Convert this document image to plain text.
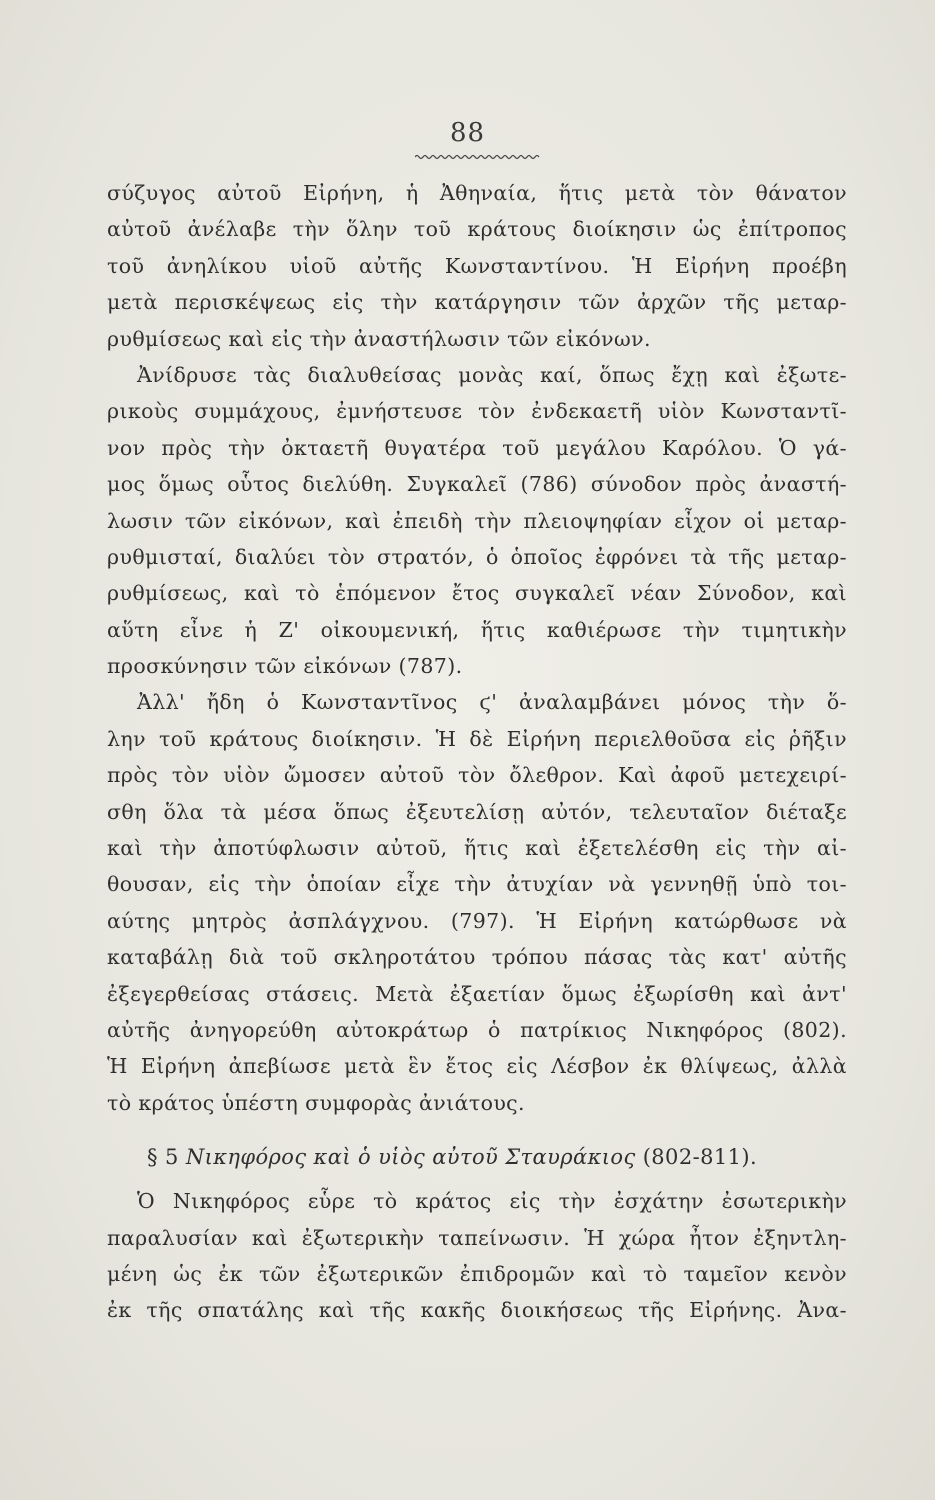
88
σύζυγος αὐτοῦ Εἰρήνη, ἡ Ἀθηναία, ἥτις μετὰ τὸν θάνατον
αὐτοῦ ἀνέλαβε τὴν ὅλην τοῦ κράτους διοίκησιν ὡς ἐπίτροπος
τοῦ ἀνηλίκου υἱοῦ αὐτῆς Κωνσταντίνου. Ἡ Εἰρήνη προέβη
μετὰ περισκέψεως εἰς τὴν κατάργησιν τῶν ἀρχῶν τῆς μεταρ-
ρυθμίσεως καὶ εἰς τὴν ἀναστήλωσιν τῶν εἰκόνων.
Ἀνίδρυσε τὰς διαλυθείσας μονὰς καί, ὅπως ἔχῃ καὶ ἐξωτε-
ρικοὺς συμμάχους, ἐμνήστευσε τὸν ἐνδεκαετῆ υἱὸν Κωνσταντῖ-
νον πρὸς τὴν ὀκταετῆ θυγατέρα τοῦ μεγάλου Καρόλου. Ὁ γά-
μος ὅμως οὗτος διελύθη. Συγκαλεῖ (786) σύνοδον πρὸς ἀναστή-
λωσιν τῶν εἰκόνων, καὶ ἐπειδὴ τὴν πλειοψηφίαν εἶχον οἱ μεταρ-
ρυθμισταί, διαλύει τὸν στρατόν, ὁ ὁποῖος ἐφρόνει τὰ τῆς μεταρ-
ρυθμίσεως, καὶ τὸ ἑπόμενον ἔτος συγκαλεῖ νέαν Σύνοδον, καὶ
αὕτη εἶνε ἡ Ζ' οἰκουμενική, ἥτις καθιέρωσε τὴν τιμητικὴν
προσκύνησιν τῶν εἰκόνων (787).
Ἀλλ' ἤδη ὁ Κωνσταντῖνος ϛ' ἀναλαμβάνει μόνος τὴν ὅ-
λην τοῦ κράτους διοίκησιν. Ἡ δὲ Εἰρήνη περιελθοῦσα εἰς ῥῆξιν
πρὸς τὸν υἱὸν ὤμοσεν αὐτοῦ τὸν ὄλεθρον. Καὶ ἀφοῦ μετεχειρί-
σθη ὅλα τὰ μέσα ὅπως ἐξευτελίσῃ αὐτόν, τελευταῖον διέταξε
καὶ τὴν ἀποτύφλωσιν αὐτοῦ, ἥτις καὶ ἐξετελέσθη εἰς τὴν αἰ-
θουσαν, εἰς τὴν ὁποίαν εἶχε τὴν ἀτυχίαν νὰ γεννηθῇ ὑπὸ τοι-
αύτης μητρὸς ἀσπλάγχνου. (797). Ἡ Εἰρήνη κατώρθωσε νὰ
καταβάλῃ διὰ τοῦ σκληροτάτου τρόπου πάσας τὰς κατ' αὐτῆς
ἐξεγερθείσας στάσεις. Μετὰ ἐξαετίαν ὅμως ἐξωρίσθη καὶ ἀντ'
αὐτῆς ἀνηγορεύθη αὐτοκράτωρ ὁ πατρίκιος Νικηφόρος (802).
Ἡ Εἰρήνη ἀπεβίωσε μετὰ ἓν ἔτος εἰς Λέσβον ἐκ θλίψεως, ἀλλὰ
τὸ κράτος ὑπέστη συμφορὰς ἀνιάτους.
§ 5 Νικηφόρος καὶ ὁ υἱὸς αὐτοῦ Σταυράκιος (802-811).
Ὁ Νικηφόρος εὗρε τὸ κράτος εἰς τὴν ἐσχάτην ἐσωτερικὴν
παραλυσίαν καὶ ἐξωτερικὴν ταπείνωσιν. Ἡ χώρα ἦτον ἐξηντλη-
μένη ὡς ἐκ τῶν ἐξωτερικῶν ἐπιδρομῶν καὶ τὸ ταμεῖον κενὸν
ἐκ τῆς σπατάλης καὶ τῆς κακῆς διοικήσεως τῆς Εἰρήνης. Ἀνα-
